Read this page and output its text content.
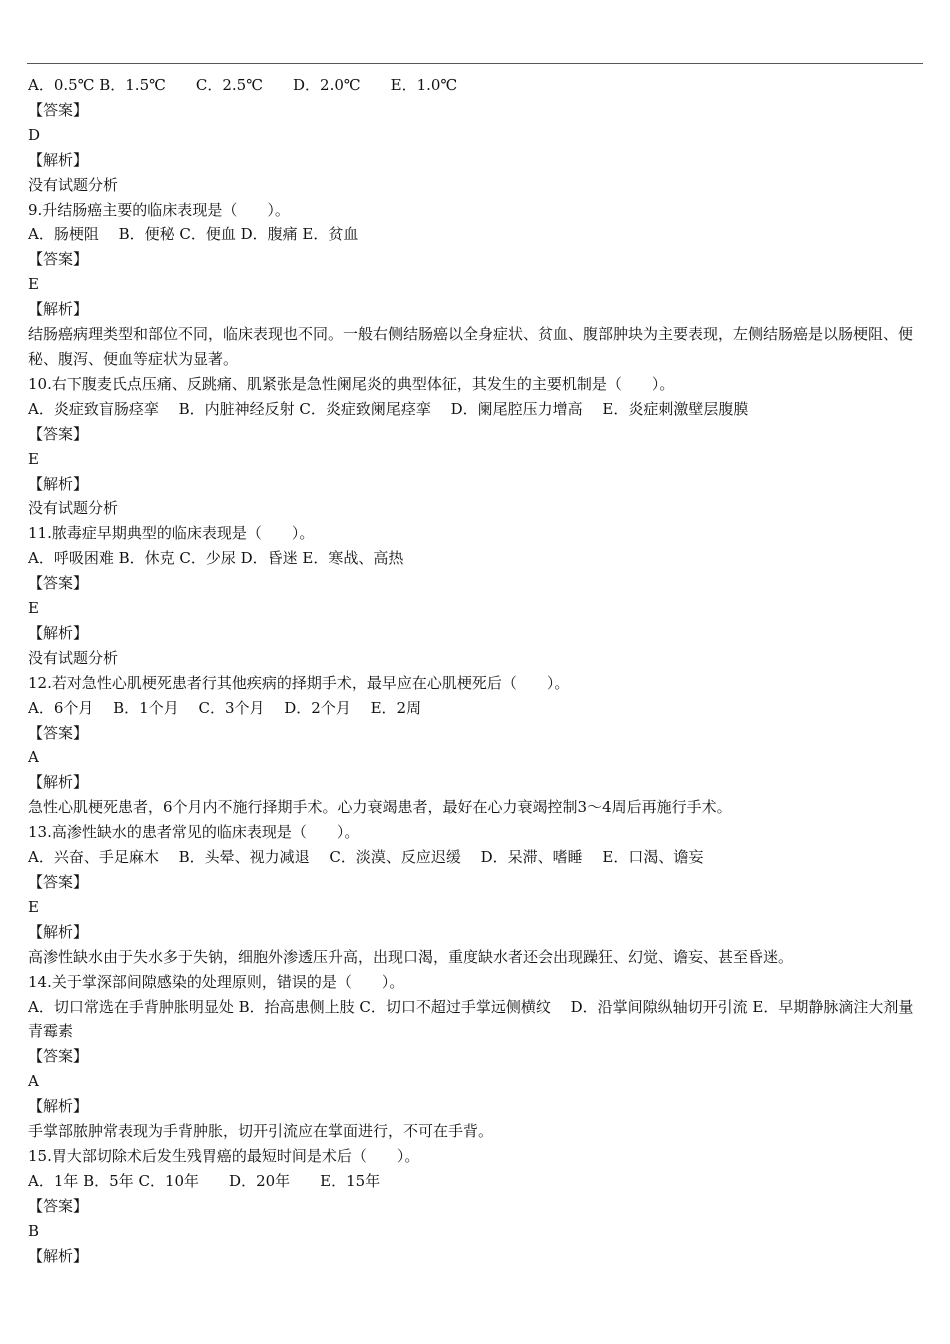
A．0.5℃ B．1.5℃　　C．2.5℃　　D．2.0℃　　E．1.0℃
【答案】
D
【解析】
没有试题分析
9.升结肠癌主要的临床表现是（　　）。
A．肠梗阻　 B．便秘 C．便血 D．腹痛 E．贫血
【答案】
E
【解析】
结肠癌病理类型和部位不同，临床表现也不同。一般右侧结肠癌以全身症状、贫血、腹部肿块为主要表现，左侧结肠癌是以肠梗阻、便秘、腹泻、便血等症状为显著。
10.右下腹麦氏点压痛、反跳痛、肌紧张是急性阑尾炎的典型体征，其发生的主要机制是（　　）。
A．炎症致盲肠痉挛　 B．内脏神经反射 C．炎症致阑尾痉挛　 D．阑尾腔压力增高　 E．炎症刺激壁层腹膜
【答案】
E
【解析】
没有试题分析
11.脓毒症早期典型的临床表现是（　　）。
A．呼吸困难 B．休克 C．少尿 D．昏迷 E．寒战、高热
【答案】
E
【解析】
没有试题分析
12.若对急性心肌梗死患者行其他疾病的择期手术，最早应在心肌梗死后（　　）。
A．6个月　 B．1个月　 C．3个月　 D．2个月　 E．2周
【答案】
A
【解析】
急性心肌梗死患者，6个月内不施行择期手术。心力衰竭患者，最好在心力衰竭控制3～4周后再施行手术。
13.高渗性缺水的患者常见的临床表现是（　　）。
A．兴奋、手足麻木　 B．头晕、视力减退　 C．淡漠、反应迟缓　 D．呆滞、嗜睡　 E．口渴、谵妄
【答案】
E
【解析】
高渗性缺水由于失水多于失钠，细胞外渗透压升高，出现口渴，重度缺水者还会出现躁狂、幻觉、谵妄、甚至昏迷。
14.关于掌深部间隙感染的处理原则，错误的是（　　）。
A．切口常选在手背肿胀明显处 B．抬高患侧上肢 C．切口不超过手掌远侧横纹　 D．沿掌间隙纵轴切开引流 E．早期静脉滴注大剂量青霉素
【答案】
A
【解析】
手掌部脓肿常表现为手背肿胀，切开引流应在掌面进行，不可在手背。
15.胃大部切除术后发生残胃癌的最短时间是术后（　　）。
A．1年 B．5年 C．10年　　D．20年　　E．15年
【答案】
B
【解析】
